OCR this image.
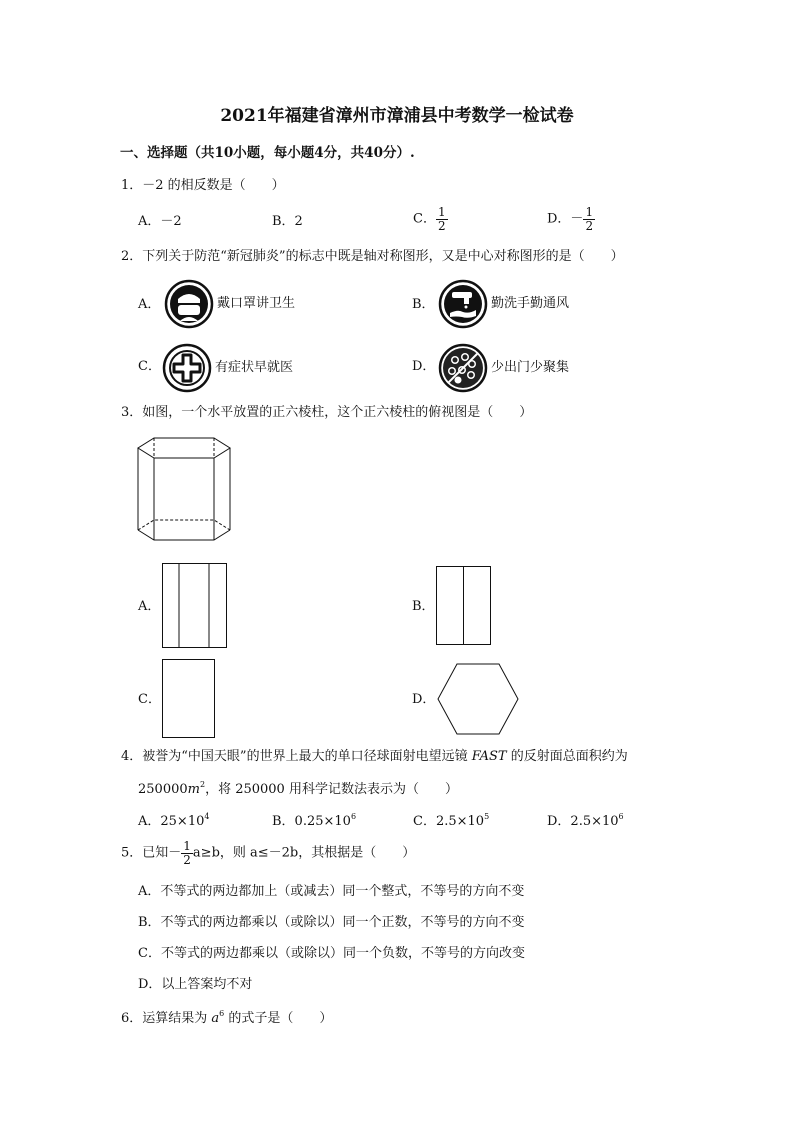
2021年福建省漳州市漳浦县中考数学一检试卷
一、选择题（共10小题，每小题4分，共40分）.
1．－2 的相反数是（　　）
A．－2	B．2	C． $\frac{1}{2}$	D．－ $\frac{1}{2}$
2．下列关于防范“新冠肺炎”的标志中既是轴对称图形，又是中心对称图形的是（　　）
A．	戴口罩讲卫生	B．	勤洗手勤通风
C．	有症状早就医	D．	少出门少聚集
3．如图，一个水平放置的正六棱柱，这个正六棱柱的俯视图是（　　）
A．	B．
C．	D．
4．被誉为“中国天眼”的世界上最大的单口径球面射电望远镜 FAST 的反射面总面积约为
$250000m^2$，将 250000 用科学记数法表示为（　　）
A．$25\times 10^4$	B．$0.25\times 10^6$	C．$2.5\times 10^5$	D．$2.5\times 10^6$
5．已知－ $\frac{1}{2} a\ge b$，则 a≤－2b，其根据是（　　）
A．不等式的两边都加上（或减去）同一个整式，不等号的方向不变
B．不等式的两边都乘以（或除以）同一个正数，不等号的方向不变
C．不等式的两边都乘以（或除以）同一个负数，不等号的方向改变
D．以上答案均不对
6．运算结果为 $a^6$ 的式子是（　　）
